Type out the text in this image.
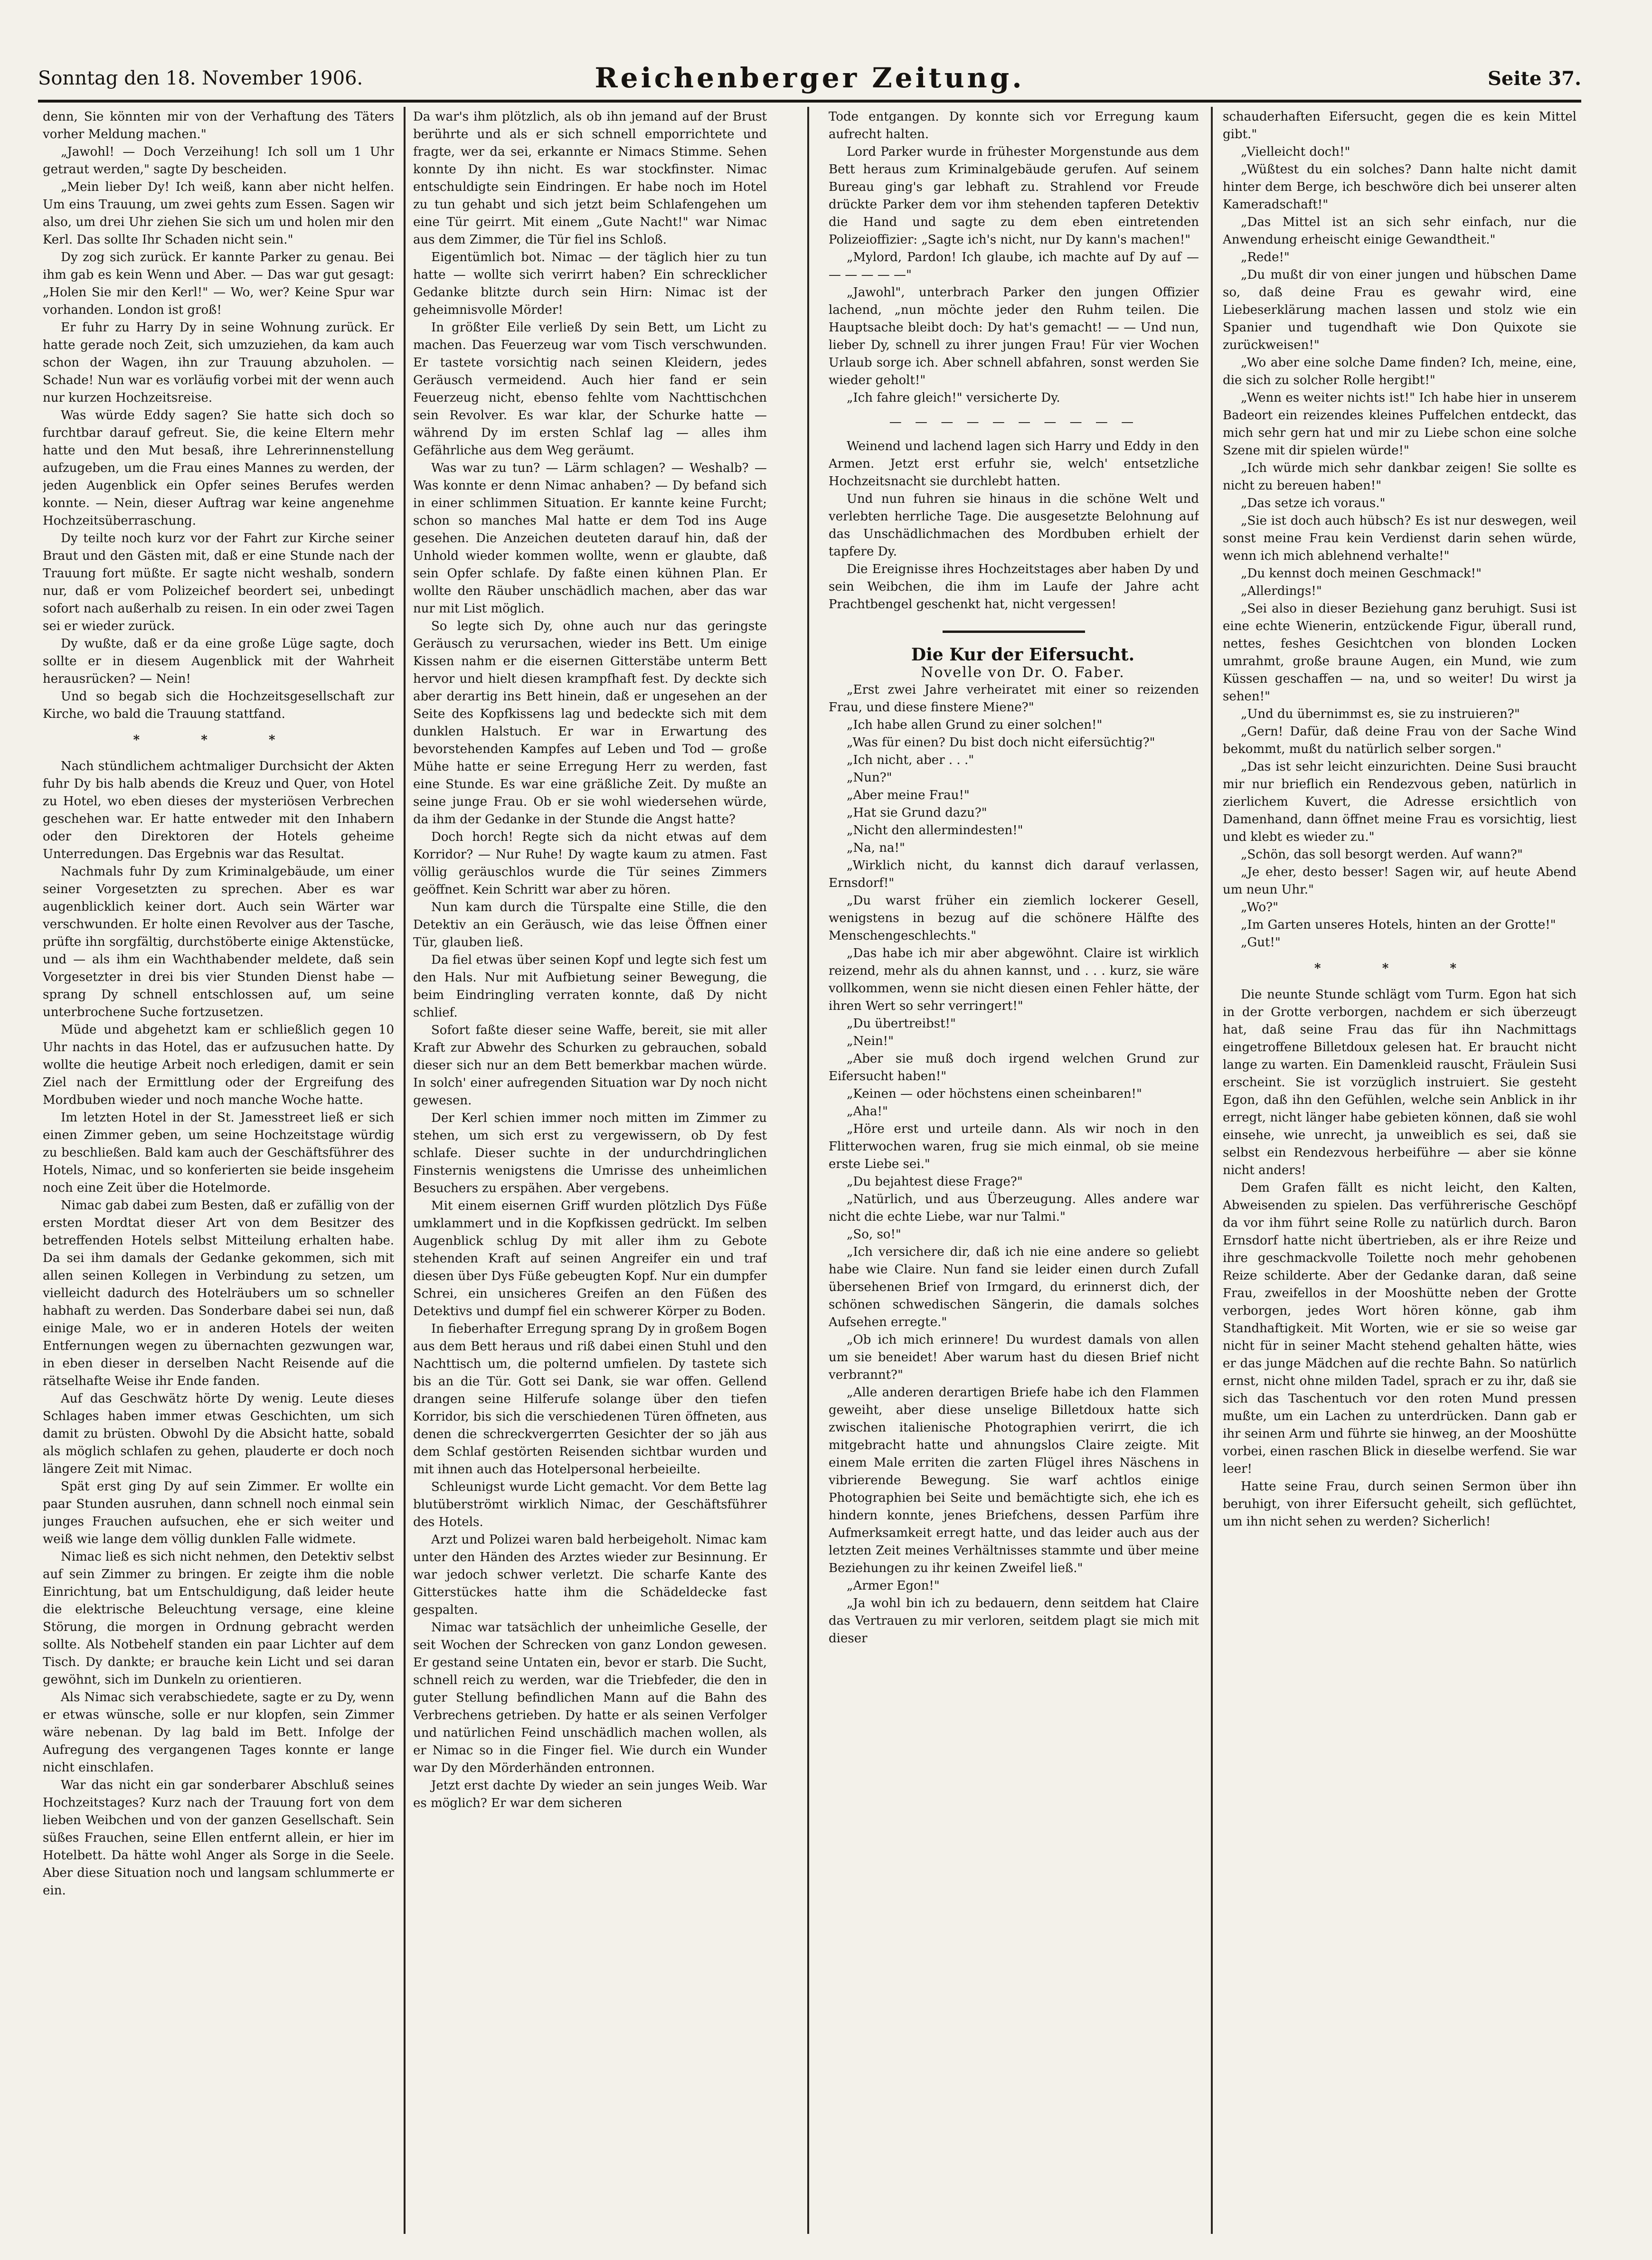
Sonntag den 18. November 1906.	Reichenberger Zeitung.	Seite 37.

denn, Sie könnten mir von der Verhaftung des Täters vorher Meldung machen."

„Jawohl! — Doch Verzeihung! Ich soll um 1 Uhr getraut werden," sagte Dy bescheiden.

„Mein lieber Dy! Ich weiß, kann aber nicht helfen. Um eins Trauung, um zwei gehts zum Essen. Sagen wir also, um drei Uhr ziehen Sie sich um und holen mir den Kerl. Das sollte Ihr Schaden nicht sein."

Dy zog sich zurück. Er kannte Parker zu genau. Bei ihm gab es kein Wenn und Aber. — Das war gut gesagt: „Holen Sie mir den Kerl!" — Wo, wer? Keine Spur war vorhanden. London ist groß!

Er fuhr zu Harry Dy in seine Wohnung zurück. Er hatte gerade noch Zeit, sich umzuziehen, da kam auch schon der Wagen, ihn zur Trauung abzuholen. — Schade! Nun war es vorläufig vorbei mit der wenn auch nur kurzen Hochzeitsreise.

Was würde Eddy sagen? Sie hatte sich doch so furchtbar darauf gefreut. Sie, die keine Eltern mehr hatte und den Mut besaß, ihre Lehrerinnenstellung aufzugeben, um die Frau eines Mannes zu werden, der jeden Augenblick ein Opfer seines Berufes werden konnte. — Nein, dieser Auftrag war keine angenehme Hochzeitsüberraschung.

Dy teilte noch kurz vor der Fahrt zur Kirche seiner Braut und den Gästen mit, daß er eine Stunde nach der Trauung fort müßte. Er sagte nicht weshalb, sondern nur, daß er vom Polizeichef beordert sei, unbedingt sofort nach außerhalb zu reisen. In ein oder zwei Tagen sei er wieder zurück.

Dy wußte, daß er da eine große Lüge sagte, doch sollte er in diesem Augenblick mit der Wahrheit herausrücken? — Nein!

Und so begab sich die Hochzeitsgesellschaft zur Kirche, wo bald die Trauung stattfand.

* * *

Nach stündlichem achtmaliger Durchsicht der Akten fuhr Dy bis halb abends die Kreuz und Quer, von Hotel zu Hotel, wo eben dieses der mysteriösen Verbrechen geschehen war. Er hatte entweder mit den Inhabern oder den Direktoren der Hotels geheime Unterredungen. Das Ergebnis war das Resultat.

Nachmals fuhr Dy zum Kriminalgebäude, um einer seiner Vorgesetzten zu sprechen. Aber es war augenblicklich keiner dort. Auch sein Wärter war verschwunden. Er holte einen Revolver aus der Tasche, prüfte ihn sorgfältig, durchstöberte einige Aktenstücke, und — als ihm ein Wachthabender meldete, daß sein Vorgesetzter in drei bis vier Stunden Dienst habe — sprang Dy schnell entschlossen auf, um seine unterbrochene Suche fortzusetzen.

Müde und abgehetzt kam er schließlich gegen 10 Uhr nachts in das Hotel, das er aufzusuchen hatte. Dy wollte die heutige Arbeit noch erledigen, damit er sein Ziel nach der Ermittlung oder der Ergreifung des Mordbuben wieder und noch manche Woche hatte.

Im letzten Hotel in der St. Jamesstreet ließ er sich einen Zimmer geben, um seine Hochzeitstage würdig zu beschließen. Bald kam auch der Geschäftsführer des Hotels, Nimac, und so konferierten sie beide insgeheim noch eine Zeit über die Hotelmorde.

Nimac gab dabei zum Besten, daß er zufällig von der ersten Mordtat dieser Art von dem Besitzer des betreffenden Hotels selbst Mitteilung erhalten habe. Da sei ihm damals der Gedanke gekommen, sich mit allen seinen Kollegen in Verbindung zu setzen, um vielleicht dadurch des Hotelräubers um so schneller habhaft zu werden. Das Sonderbare dabei sei nun, daß einige Male, wo er in anderen Hotels der weiten Entfernungen wegen zu übernachten gezwungen war, in eben dieser in derselben Nacht Reisende auf die rätselhafte Weise ihr Ende fanden.

Auf das Geschwätz hörte Dy wenig. Leute dieses Schlages haben immer etwas Geschichten, um sich damit zu brüsten. Obwohl Dy die Absicht hatte, sobald als möglich schlafen zu gehen, plauderte er doch noch längere Zeit mit Nimac.

Spät erst ging Dy auf sein Zimmer. Er wollte ein paar Stunden ausruhen, dann schnell noch einmal sein junges Frauchen aufsuchen, ehe er sich weiter und weiß wie lange dem völlig dunklen Falle widmete.

Nimac ließ es sich nicht nehmen, den Detektiv selbst auf sein Zimmer zu bringen. Er zeigte ihm die noble Einrichtung, bat um Entschuldigung, daß leider heute die elektrische Beleuchtung versage, eine kleine Störung, die morgen in Ordnung gebracht werden sollte. Als Notbehelf standen ein paar Lichter auf dem Tisch. Dy dankte; er brauche kein Licht und sei daran gewöhnt, sich im Dunkeln zu orientieren.

Als Nimac sich verabschiedete, sagte er zu Dy, wenn er etwas wünsche, solle er nur klopfen, sein Zimmer wäre nebenan. Dy lag bald im Bett. Infolge der Aufregung des vergangenen Tages konnte er lange nicht einschlafen.

War das nicht ein gar sonderbarer Abschluß seines Hochzeitstages? Kurz nach der Trauung fort von dem lieben Weibchen und von der ganzen Gesellschaft. Sein süßes Frauchen, seine Ellen entfernt allein, er hier im Hotelbett. Da hätte wohl Anger als Sorge in die Seele. Aber diese Situation noch und langsam schlummerte er ein.

Da war's ihm plötzlich, als ob ihn jemand auf der Brust berührte und als er sich schnell emporrichtete und fragte, wer da sei, erkannte er Nimacs Stimme. Sehen konnte Dy ihn nicht. Es war stockfinster. Nimac entschuldigte sein Eindringen. Er habe noch im Hotel zu tun gehabt und sich jetzt beim Schlafengehen um eine Tür geirrt. Mit einem „Gute Nacht!" war Nimac aus dem Zimmer, die Tür fiel ins Schloß.

Eigentümlich bot. Nimac — der täglich hier zu tun hatte — wollte sich verirrt haben? Ein schrecklicher Gedanke blitzte durch sein Hirn: Nimac ist der geheimnisvolle Mörder!

In größter Eile verließ Dy sein Bett, um Licht zu machen. Das Feuerzeug war vom Tisch verschwunden. Er tastete vorsichtig nach seinen Kleidern, jedes Geräusch vermeidend. Auch hier fand er sein Feuerzeug nicht, ebenso fehlte vom Nachttischchen sein Revolver. Es war klar, der Schurke hatte — während Dy im ersten Schlaf lag — alles ihm Gefährliche aus dem Weg geräumt.

Was war zu tun? — Lärm schlagen? — Weshalb? — Was konnte er denn Nimac anhaben? — Dy befand sich in einer schlimmen Situation. Er kannte keine Furcht; schon so manches Mal hatte er dem Tod ins Auge gesehen. Die Anzeichen deuteten darauf hin, daß der Unhold wieder kommen wollte, wenn er glaubte, daß sein Opfer schlafe. Dy faßte einen kühnen Plan. Er wollte den Räuber unschädlich machen, aber das war nur mit List möglich.

So legte sich Dy, ohne auch nur das geringste Geräusch zu verursachen, wieder ins Bett. Um einige Kissen nahm er die eisernen Gitterstäbe unterm Bett hervor und hielt diesen krampfhaft fest. Dy deckte sich aber derartig ins Bett hinein, daß er ungesehen an der Seite des Kopfkissens lag und bedeckte sich mit dem dunklen Halstuch. Er war in Erwartung des bevorstehenden Kampfes auf Leben und Tod — große Mühe hatte er seine Erregung Herr zu werden, fast eine Stunde. Es war eine gräßliche Zeit. Dy mußte an seine junge Frau. Ob er sie wohl wiedersehen würde, da ihm der Gedanke in der Stunde die Angst hatte?

Doch horch! Regte sich da nicht etwas auf dem Korridor? — Nur Ruhe! Dy wagte kaum zu atmen. Fast völlig geräuschlos wurde die Tür seines Zimmers geöffnet. Kein Schritt war aber zu hören.

Nun kam durch die Türspalte eine Stille, die den Detektiv an ein Geräusch, wie das leise Öffnen einer Tür, glauben ließ.

Da fiel etwas über seinen Kopf und legte sich fest um den Hals. Nur mit Aufbietung seiner Bewegung, die beim Eindringling verraten konnte, daß Dy nicht schlief.

Sofort faßte dieser seine Waffe, bereit, sie mit aller Kraft zur Abwehr des Schurken zu gebrauchen, sobald dieser sich nur an dem Bett bemerkbar machen würde. In solch' einer aufregenden Situation war Dy noch nicht gewesen.

Der Kerl schien immer noch mitten im Zimmer zu stehen, um sich erst zu vergewissern, ob Dy fest schlafe. Dieser suchte in der undurchdringlichen Finsternis wenigstens die Umrisse des unheimlichen Besuchers zu erspähen. Aber vergebens.

Mit einem eisernen Griff wurden plötzlich Dys Füße umklammert und in die Kopfkissen gedrückt. Im selben Augenblick schlug Dy mit aller ihm zu Gebote stehenden Kraft auf seinen Angreifer ein und traf diesen über Dys Füße gebeugten Kopf. Nur ein dumpfer Schrei, ein unsicheres Greifen an den Füßen des Detektivs und dumpf fiel ein schwerer Körper zu Boden.

In fieberhafter Erregung sprang Dy in großem Bogen aus dem Bett heraus und riß dabei einen Stuhl und den Nachttisch um, die polternd umfielen. Dy tastete sich bis an die Tür. Gott sei Dank, sie war offen. Gellend drangen seine Hilferufe solange über den tiefen Korridor, bis sich die verschiedenen Türen öffneten, aus denen die schreckvergerrten Gesichter der so jäh aus dem Schlaf gestörten Reisenden sichtbar wurden und mit ihnen auch das Hotelpersonal herbeieilte.

Schleunigst wurde Licht gemacht. Vor dem Bette lag blutüberströmt wirklich Nimac, der Geschäftsführer des Hotels.

Arzt und Polizei waren bald herbeigeholt. Nimac kam unter den Händen des Arztes wieder zur Besinnung. Er war jedoch schwer verletzt. Die scharfe Kante des Gitterstückes hatte ihm die Schädeldecke fast gespalten.

Nimac war tatsächlich der unheimliche Geselle, der seit Wochen der Schrecken von ganz London gewesen. Er gestand seine Untaten ein, bevor er starb. Die Sucht, schnell reich zu werden, war die Triebfeder, die den in guter Stellung befindlichen Mann auf die Bahn des Verbrechens getrieben. Dy hatte er als seinen Verfolger und natürlichen Feind unschädlich machen wollen, als er Nimac so in die Finger fiel. Wie durch ein Wunder war Dy den Mörderhänden entronnen.

Jetzt erst dachte Dy wieder an sein junges Weib. War es möglich? Er war dem sicheren

Tode entgangen. Dy konnte sich vor Erregung kaum aufrecht halten.

Lord Parker wurde in frühester Morgenstunde aus dem Bett heraus zum Kriminalgebäude gerufen. Auf seinem Bureau ging's gar lebhaft zu. Strahlend vor Freude drückte Parker dem vor ihm stehenden tapferen Detektiv die Hand und sagte zu dem eben eintretenden Polizeioffizier: „Sagte ich's nicht, nur Dy kann's machen!"

„Mylord, Pardon! Ich glaube, ich machte auf Dy auf — — — — — —"

„Jawohl", unterbrach Parker den jungen Offizier lachend, „nun möchte jeder den Ruhm teilen. Die Hauptsache bleibt doch: Dy hat's gemacht! — — Und nun, lieber Dy, schnell zu ihrer jungen Frau! Für vier Wochen Urlaub sorge ich. Aber schnell abfahren, sonst werden Sie wieder geholt!"

„Ich fahre gleich!" versicherte Dy.

— — — — — — — — — —

Weinend und lachend lagen sich Harry und Eddy in den Armen. Jetzt erst erfuhr sie, welch' entsetzliche Hochzeitsnacht sie durchlebt hatten.

Und nun fuhren sie hinaus in die schöne Welt und verlebten herrliche Tage. Die ausgesetzte Belohnung auf das Unschädlichmachen des Mordbuben erhielt der tapfere Dy.

Die Ereignisse ihres Hochzeitstages aber haben Dy und sein Weibchen, die ihm im Laufe der Jahre acht Prachtbengel geschenkt hat, nicht vergessen!

Die Kur der Eifersucht.

Novelle von Dr. O. Faber.

„Erst zwei Jahre verheiratet mit einer so reizenden Frau, und diese finstere Miene?"

„Ich habe allen Grund zu einer solchen!"

„Was für einen? Du bist doch nicht eifersüchtig?"

„Ich nicht, aber . . ."

„Nun?"

„Aber meine Frau!"

„Hat sie Grund dazu?"

„Nicht den allermindesten!"

„Na, na!"

„Wirklich nicht, du kannst dich darauf verlassen, Ernsdorf!"

„Du warst früher ein ziemlich lockerer Gesell, wenigstens in bezug auf die schönere Hälfte des Menschengeschlechts."

„Das habe ich mir aber abgewöhnt. Claire ist wirklich reizend, mehr als du ahnen kannst, und . . . kurz, sie wäre vollkommen, wenn sie nicht diesen einen Fehler hätte, der ihren Wert so sehr verringert!"

„Du übertreibst!"

„Nein!"

„Aber sie muß doch irgend welchen Grund zur Eifersucht haben!"

„Keinen — oder höchstens einen scheinbaren!"

„Aha!"

„Höre erst und urteile dann. Als wir noch in den Flitterwochen waren, frug sie mich einmal, ob sie meine erste Liebe sei."

„Du bejahtest diese Frage?"

„Natürlich, und aus Überzeugung. Alles andere war nicht die echte Liebe, war nur Talmi."

„So, so!"

„Ich versichere dir, daß ich nie eine andere so geliebt habe wie Claire. Nun fand sie leider einen durch Zufall übersehenen Brief von Irmgard, du erinnerst dich, der schönen schwedischen Sängerin, die damals solches Aufsehen erregte."

„Ob ich mich erinnere! Du wurdest damals von allen um sie beneidet! Aber warum hast du diesen Brief nicht verbrannt?"

„Alle anderen derartigen Briefe habe ich den Flammen geweiht, aber diese unselige Billetdoux hatte sich zwischen italienische Photographien verirrt, die ich mitgebracht hatte und ahnungslos Claire zeigte. Mit einem Male erriten die zarten Flügel ihres Näschens in vibrierende Bewegung. Sie warf achtlos einige Photographien bei Seite und bemächtigte sich, ehe ich es hindern konnte, jenes Briefchens, dessen Parfüm ihre Aufmerksamkeit erregt hatte, und das leider auch aus der letzten Zeit meines Verhältnisses stammte und über meine Beziehungen zu ihr keinen Zweifel ließ."

„Armer Egon!"

„Ja wohl bin ich zu bedauern, denn seitdem hat Claire das Vertrauen zu mir verloren, seitdem plagt sie mich mit dieser

schauderhaften Eifersucht, gegen die es kein Mittel gibt."

„Vielleicht doch!"

„Wüßtest du ein solches? Dann halte nicht damit hinter dem Berge, ich beschwöre dich bei unserer alten Kameradschaft!"

„Das Mittel ist an sich sehr einfach, nur die Anwendung erheischt einige Gewandtheit."

„Rede!"

„Du mußt dir von einer jungen und hübschen Dame so, daß deine Frau es gewahr wird, eine Liebeserklärung machen lassen und stolz wie ein Spanier und tugendhaft wie Don Quixote sie zurückweisen!"

„Wo aber eine solche Dame finden? Ich, meine, eine, die sich zu solcher Rolle hergibt!"

„Wenn es weiter nichts ist!" Ich habe hier in unserem Badeort ein reizendes kleines Puffelchen entdeckt, das mich sehr gern hat und mir zu Liebe schon eine solche Szene mit dir spielen würde!"

„Ich würde mich sehr dankbar zeigen! Sie sollte es nicht zu bereuen haben!"

„Das setze ich voraus."

„Sie ist doch auch hübsch? Es ist nur deswegen, weil sonst meine Frau kein Verdienst darin sehen würde, wenn ich mich ablehnend verhalte!"

„Du kennst doch meinen Geschmack!"

„Allerdings!"

„Sei also in dieser Beziehung ganz beruhigt. Susi ist eine echte Wienerin, entzückende Figur, überall rund, nettes, feshes Gesichtchen von blonden Locken umrahmt, große braune Augen, ein Mund, wie zum Küssen geschaffen — na, und so weiter! Du wirst ja sehen!"

„Und du übernimmst es, sie zu instruieren?"

„Gern! Dafür, daß deine Frau von der Sache Wind bekommt, mußt du natürlich selber sorgen."

„Das ist sehr leicht einzurichten. Deine Susi braucht mir nur brieflich ein Rendezvous geben, natürlich in zierlichem Kuvert, die Adresse ersichtlich von Damenhand, dann öffnet meine Frau es vorsichtig, liest und klebt es wieder zu."

„Schön, das soll besorgt werden. Auf wann?"

„Je eher, desto besser! Sagen wir, auf heute Abend um neun Uhr."

„Wo?"

„Im Garten unseres Hotels, hinten an der Grotte!"

„Gut!"

* * *

Die neunte Stunde schlägt vom Turm. Egon hat sich in der Grotte verborgen, nachdem er sich überzeugt hat, daß seine Frau das für ihn Nachmittags eingetroffene Billetdoux gelesen hat. Er braucht nicht lange zu warten. Ein Damenkleid rauscht, Fräulein Susi erscheint. Sie ist vorzüglich instruiert. Sie gesteht Egon, daß ihn den Gefühlen, welche sein Anblick in ihr erregt, nicht länger habe gebieten können, daß sie wohl einsehe, wie unrecht, ja unweiblich es sei, daß sie selbst ein Rendezvous herbeiführe — aber sie könne nicht anders!

Dem Grafen fällt es nicht leicht, den Kalten, Abweisenden zu spielen. Das verführerische Geschöpf da vor ihm führt seine Rolle zu natürlich durch. Baron Ernsdorf hatte nicht übertrieben, als er ihre Reize und ihre geschmackvolle Toilette noch mehr gehobenen Reize schilderte. Aber der Gedanke daran, daß seine Frau, zweifellos in der Mooshütte neben der Grotte verborgen, jedes Wort hören könne, gab ihm Standhaftigkeit. Mit Worten, wie er sie so weise gar nicht für in seiner Macht stehend gehalten hätte, wies er das junge Mädchen auf die rechte Bahn. So natürlich ernst, nicht ohne milden Tadel, sprach er zu ihr, daß sie sich das Taschentuch vor den roten Mund pressen mußte, um ein Lachen zu unterdrücken. Dann gab er ihr seinen Arm und führte sie hinweg, an der Mooshütte vorbei, einen raschen Blick in dieselbe werfend. Sie war leer!

Hatte seine Frau, durch seinen Sermon über ihn beruhigt, von ihrer Eifersucht geheilt, sich geflüchtet, um ihn nicht sehen zu werden? Sicherlich!
